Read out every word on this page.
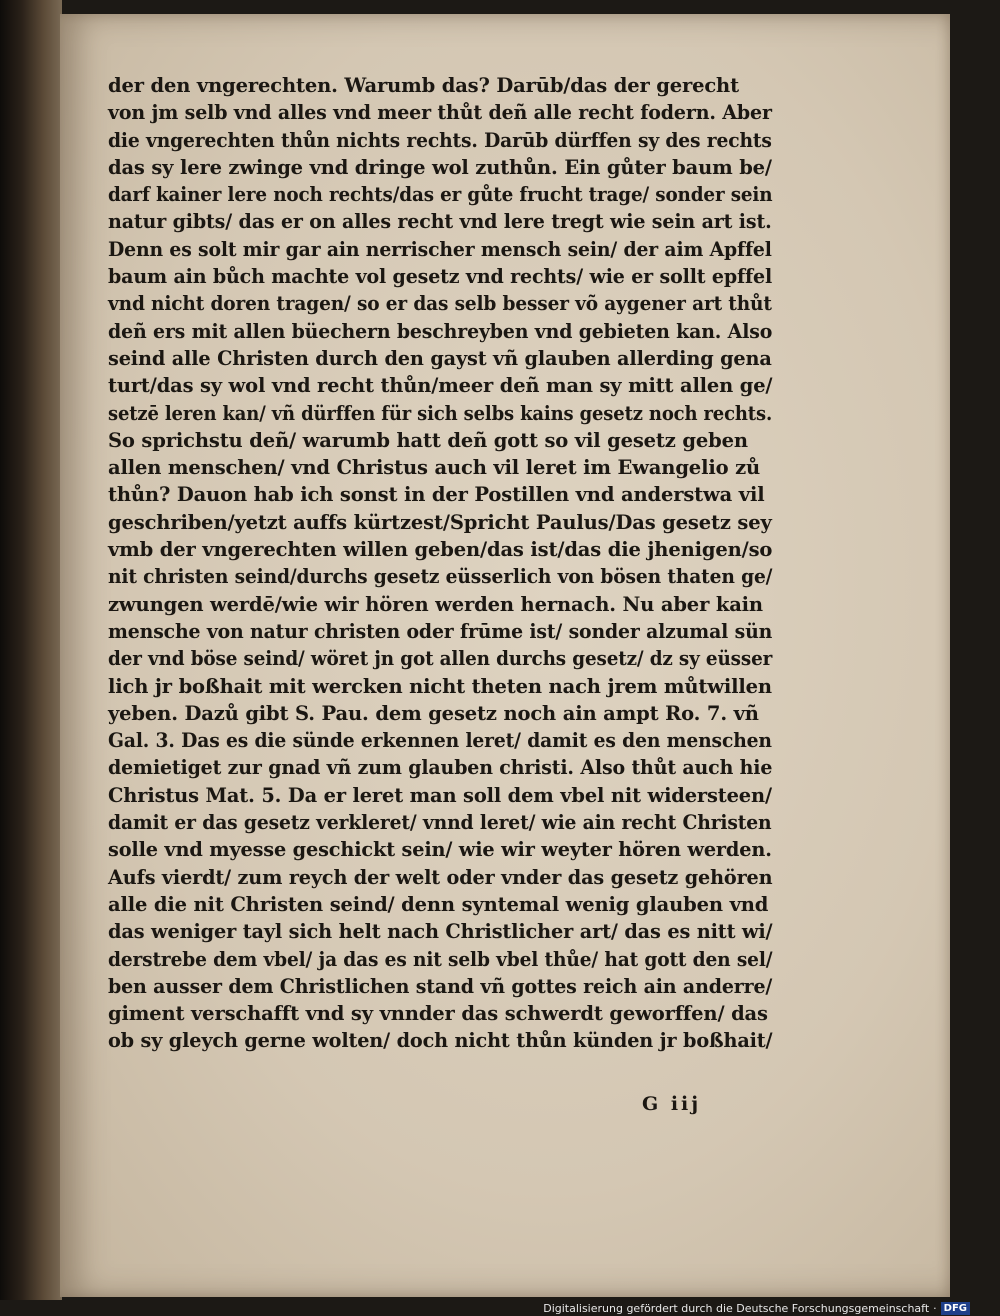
der den vngerechten. Warumb das? Darūb/das der gerecht
von jm selb vnd alles vnd meer thůt deñ alle recht fodern. Aber
die vngerechten thůn nichts rechts. Darūb dürffen sy des rechts
das sy lere zwinge vnd dringe wol zuthůn. Ein gůter baum be/
darf kainer lere noch rechts/das er gůte frucht trage/ sonder sein
natur gibts/ das er on alles recht vnd lere tregt wie sein art ist.
Denn es solt mir gar ain nerrischer mensch sein/ der aim Apffel
baum ain bůch machte vol gesetz vnd rechts/ wie er sollt epffel
vnd nicht doren tragen/ so er das selb besser võ aygener art thůt
deñ ers mit allen büechern beschreyben vnd gebieten kan. Also
seind alle Christen durch den gayst vñ glauben allerding gena
turt/das sy wol vnd recht thůn/meer deñ man sy mitt allen ge/
setzē leren kan/ vñ dürffen für sich selbs kains gesetz noch rechts.
So sprichstu deñ/ warumb hatt deñ gott so vil gesetz geben
allen menschen/ vnd Christus auch vil leret im Ewangelio zů
thůn? Dauon hab ich sonst in der Postillen vnd anderstwa vil
geschriben/yetzt auffs kürtzest/Spricht Paulus/Das gesetz sey
vmb der vngerechten willen geben/das ist/das die jhenigen/so
nit christen seind/durchs gesetz eüsserlich von bösen thaten ge/
zwungen werdē/wie wir hören werden hernach. Nu aber kain
mensche von natur christen oder frūme ist/ sonder alzumal sün
der vnd böse seind/ wöret jn got allen durchs gesetz/ dz sy eüsser
lich jr boßhait mit wercken nicht theten nach jrem můtwillen
yeben. Dazů gibt S. Pau. dem gesetz noch ain ampt Ro. 7. vñ
Gal. 3. Das es die sünde erkennen leret/ damit es den menschen
demietiget zur gnad vñ zum glauben christi. Also thůt auch hie
Christus Mat. 5. Da er leret man soll dem vbel nit widersteen/
damit er das gesetz verkleret/ vnnd leret/ wie ain recht Christen
solle vnd myesse geschickt sein/ wie wir weyter hören werden.
Aufs vierdt/ zum reych der welt oder vnder das gesetz gehören
alle die nit Christen seind/ denn syntemal wenig glauben vnd
das weniger tayl sich helt nach Christlicher art/ das es nitt wi/
derstrebe dem vbel/ ja das es nit selb vbel thůe/ hat gott den sel/
ben ausser dem Christlichen stand vñ gottes reich ain anderre/
giment verschafft vnd sy vnnder das schwerdt geworffen/ das
ob sy gleych gerne wolten/ doch nicht thůn künden jr boßhait/
G iij
Digitalisierung gefördert durch die Deutsche Forschungsgemeinschaft · DFG
